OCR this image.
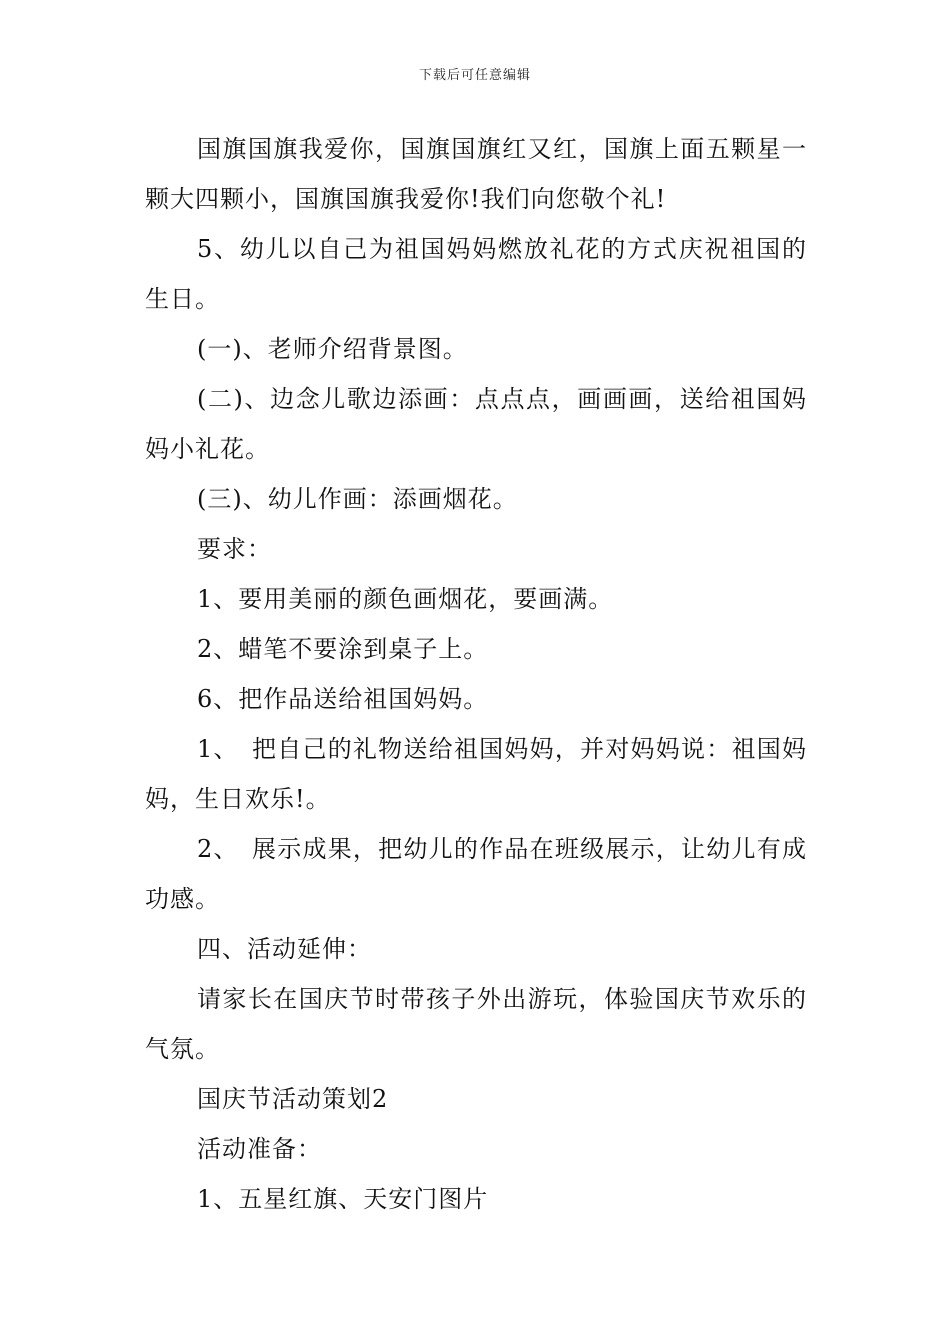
下载后可任意编辑

国旗国旗我爱你，国旗国旗红又红，国旗上面五颗星一颗大四颗小，国旗国旗我爱你!我们向您敬个礼!

5、幼儿以自己为祖国妈妈燃放礼花的方式庆祝祖国的生日。

(一)、老师介绍背景图。

(二)、边念儿歌边添画：点点点，画画画，送给祖国妈妈小礼花。

(三)、幼儿作画：添画烟花。

要求：

1、要用美丽的颜色画烟花，要画满。

2、蜡笔不要涂到桌子上。

6、把作品送给祖国妈妈。

1、　把自己的礼物送给祖国妈妈，并对妈妈说：祖国妈妈，生日欢乐!。

2、　展示成果，把幼儿的作品在班级展示，让幼儿有成功感。

四、活动延伸：

请家长在国庆节时带孩子外出游玩，体验国庆节欢乐的气氛。

国庆节活动策划2

活动准备：

1、五星红旗、天安门图片
